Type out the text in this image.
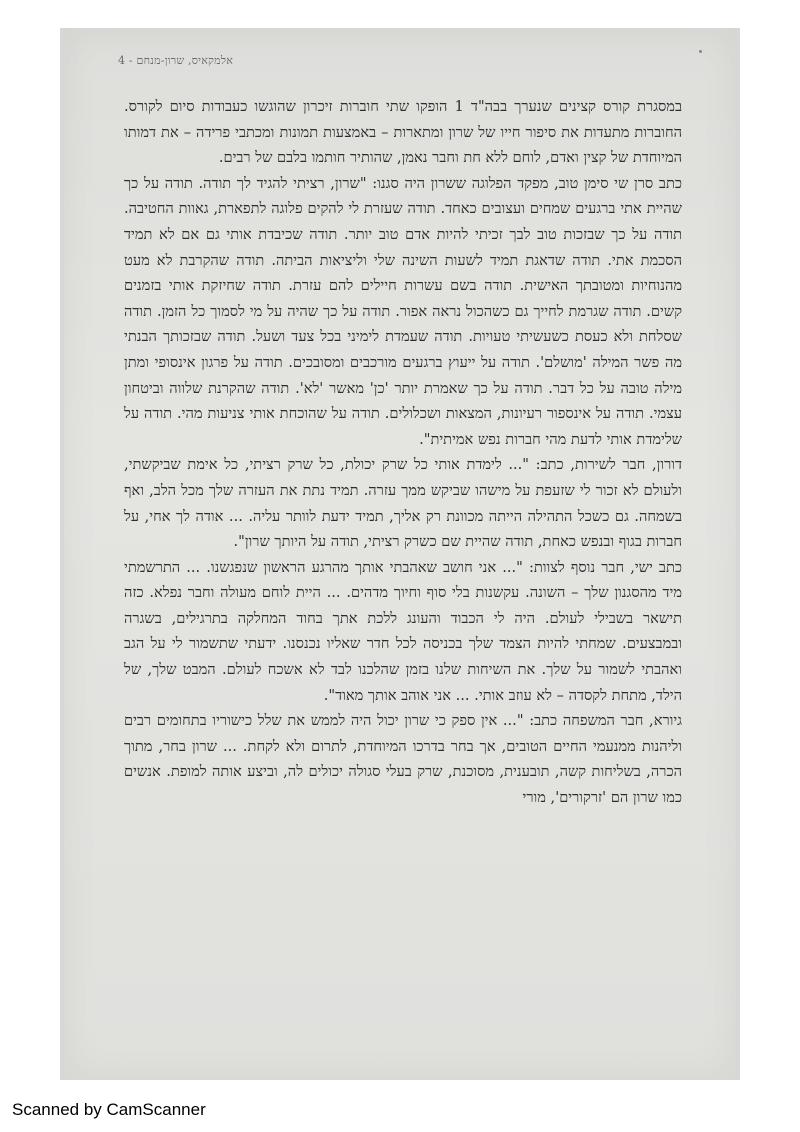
אלמקאיס, שרון-מנחם - 4

במסגרת קורס קצינים שנערך בבה"ד 1 הופקו שתי חוברות זיכרון שהוגשו כעבודות סיום לקורס. החוברות מתעדות את סיפור חייו של שרון ומתארות – באמצעות תמונות ומכתבי פרידה – את דמותו המיוחדת של קצין ואדם, לוחם ללא חת וחבר נאמן, שהותיר חותמו בלבם של רבים.

כתב סרן שי סימן טוב, מפקד הפלוגה ששרון היה סגנו: "שרון, רציתי להגיד לך תודה. תודה על כך שהיית אתי ברגעים שמחים ועצובים כאחד. תודה שעזרת לי להקים פלוגה לתפארת, גאוות החטיבה. תודה על כך שבזכות טוב לבך זכיתי להיות אדם טוב יותר. תודה שכיבדת אותי גם אם לא תמיד הסכמת אתי. תודה שדאגת תמיד לשעות השינה שלי וליציאות הביתה. תודה שהקרבת לא מעט מהנוחיות ומטובתך האישית. תודה בשם עשרות חיילים להם עזרת. תודה שחיזקת אותי בזמנים קשים. תודה שגרמת לחייך גם כשהכול נראה אפור. תודה על כך שהיה על מי לסמוך כל הזמן. תודה שסלחת ולא כעסת כשעשיתי טעויות. תודה שעמדת לימיני בכל צעד ושעל. תודה שבזכותך הבנתי מה פשר המילה 'מושלם'. תודה על ייעוץ ברגעים מורכבים ומסובכים. תודה על פרגון אינסופי ומתן מילה טובה על כל דבר. תודה על כך שאמרת יותר 'כן' מאשר 'לא'. תודה שהקרנת שלווה וביטחון עצמי. תודה על אינספור רעיונות, המצאות ושכלולים. תודה על שהוכחת אותי צניעות מהי. תודה על שלימדת אותי לדעת מהי חברות נפש אמיתית".

דורון, חבר לשירות, כתב: "... לימדת אותי כל שרק יכולת, כל שרק רציתי, כל אימת שביקשתי, ולעולם לא זכור לי שזעפת על מישהו שביקש ממך עזרה. תמיד נתת את העזרה שלך מכל הלב, ואף בשמחה. גם כשכל התהילה הייתה מכוונת רק אליך, תמיד ידעת לוותר עליה. ... אודה לך אחי, על חברות בגוף ובנפש כאחת, תודה שהיית שם כשרק רציתי, תודה על היותך שרון".

כתב ישי, חבר נוסף לצוות: "... אני חושב שאהבתי אותך מהרגע הראשון שנפגשנו. ... התרשמתי מיד מהסגנון שלך – השונה. עקשנות בלי סוף וחיוך מדהים. ... היית לוחם מעולה וחבר נפלא. כזה תישאר בשבילי לעולם. היה לי הכבוד והעונג ללכת אתך בחוד המחלקה בתרגילים, בשגרה ובמבצעים. שמחתי להיות הצמד שלך בכניסה לכל חדר שאליו נכנסנו. ידעתי שתשמור לי על הגב ואהבתי לשמור על שלך. את השיחות שלנו בזמן שהלכנו לבד לא אשכח לעולם. המבט שלך, של הילד, מתחת לקסדה – לא עוזב אותי. ... אני אוהב אותך מאוד".

גיורא, חבר המשפחה כתב: "... אין ספק כי שרון יכול היה לממש את שלל כישוריו בתחומים רבים וליהנות ממנעמי החיים הטובים, אך בחר בדרכו המיוחדת, לתרום ולא לקחת. ... שרון בחר, מתוך הכרה, בשליחות קשה, תובענית, מסוכנת, שרק בעלי סגולה יכולים לה, וביצע אותה למופת. אנשים כמו שרון הם 'זרקורים', מורי

Scanned by CamScanner
